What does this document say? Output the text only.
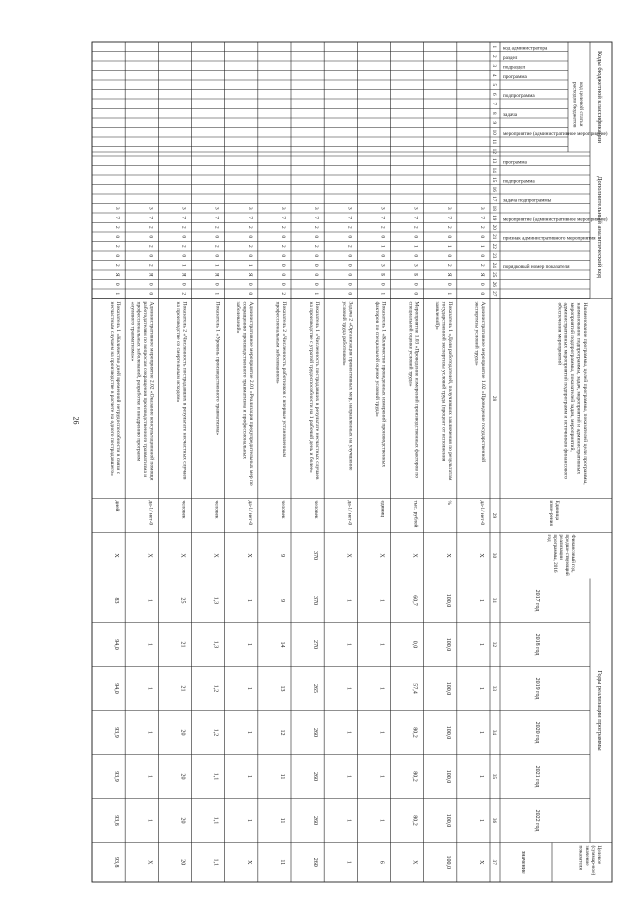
26
Коды бюджетной классификации
Дополнительный аналитический код
код целевой статьирасходов бюджетов
Годы реализации программы
код администратора
раздел
подраздел
программа
подпрограмма
задача
мероприятие (административное мероприятие)
программа
подпрограмма
задача подпрограммы
мероприятие (административное мероприятие)
признак административного мероприятия
порядковый номер показателя
Наименование программы, целей программы, показателей цели программы,наименование подпрограммы, задач, мероприятий и административныхмероприятий подпрограммы, показателей задач, мероприятий,административных мероприятий подпрограмм и источников финансовогообеспечения мероприятий
Единицаизме-рения
Финансовый год,предше-ствующийреализациипрограммы, 2016год
2017 год
2018 год
2019 год
2020 год
2021 год
2022 год
Целевое(суммар-ное)значениепоказателя
значение
1
2
3
4
5
6
7
8
9
10
11
12
13
14
15
16
17
18
19
20
21
22
23
24
25
26
27
28
29
30
31
32
33
34
35
36
37
3
7
2
0
1
0
2
Я
0
0
Административное мероприятие 1.02 «Проведение государственнойэкспертизы условий труда»
да-1/ нет-0
Х
1
1
1
1
1
1
Х
3
7
2
0
1
0
2
Я
0
1
Показатель 1 «Доля работодателей, получивших заключения по результатамгосударственной экспертизы условий труда (процент от исполнениязаявлений)»
%
Х
100,0
100,0
100,0
100,0
100,0
100,0
100,0
3
7
2
0
1
0
3
Б
0
0
Мероприятие 1.03 «Проведение измерений производственных факторов поспециальной оценке условий труда»
тыс. рублей
Х
60,7
0,0
57,4
80,2
80,2
80,2
Х
3
7
2
0
1
0
3
Б
0
1
Показатель 1 «Количество проведенных измерений производственныхфакторов по специальной оценке условий труда»
единиц
Х
1
1
1
1
1
1
6
3
7
2
0
2
0
0
0
0
0
Задача 2 «Организация превентивных мер, направленных на улучшениеусловий труда работников»
да-1/ нет-0
Х
1
1
1
1
1
1
1
3
7
2
0
2
0
0
0
0
1
Показатель 1 «Численность пострадавших в результате несчастных случаевна производстве с утратой трудоспособности на 1 рабочий день и более»
человек
370
370
270
265
260
260
260
260
3
7
2
0
2
0
0
0
0
2
Показатель 2 «Численность работников с впервые установленнымпрофессиональным заболеванием»
человек
9
9
14
13
12
11
11
11
3
7
2
0
2
0
1
Я
0
0
Административное мероприятие 2.01 «Реализация предупредительных мер посокращению производственного травматизма и профессиональныхзаболеваний»
да-1/ нет-0
Х
1
1
1
1
1
1
Х
3
7
2
0
2
0
1
Я
0
1
Показатель 1 «Уровень производственного травматизма»
человек
Х
1,3
1,3
1,2
1,2
1,1
1,1
1,1
3
7
2
0
2
0
1
Я
0
2
Показатель 2 «Численность пострадавших в результате несчастных случаевна производстве со смертельным исходом»
человек
Х
25
21
21
20
20
20
20
3
7
2
0
2
0
2
Я
0
0
Административное мероприятие 2.02 «Оказание консультационной помощиработодателям по вопросам сокращения производственного травматизма ипрофессиональных заболеваний, разработке и внедрению программ«нулевого травматизма»»
да-1/ нет-0
Х
1
1
1
1
1
1
Х
3
7
2
0
2
0
2
Я
0
1
Показатель 1 «Количество дней временной нетрудоспособности в связи снесчастным случаем на производстве в расчете на одного пострадавшего»
дней
Х
83
94,0
94,0
93,9
93,9
93,8
93,8
